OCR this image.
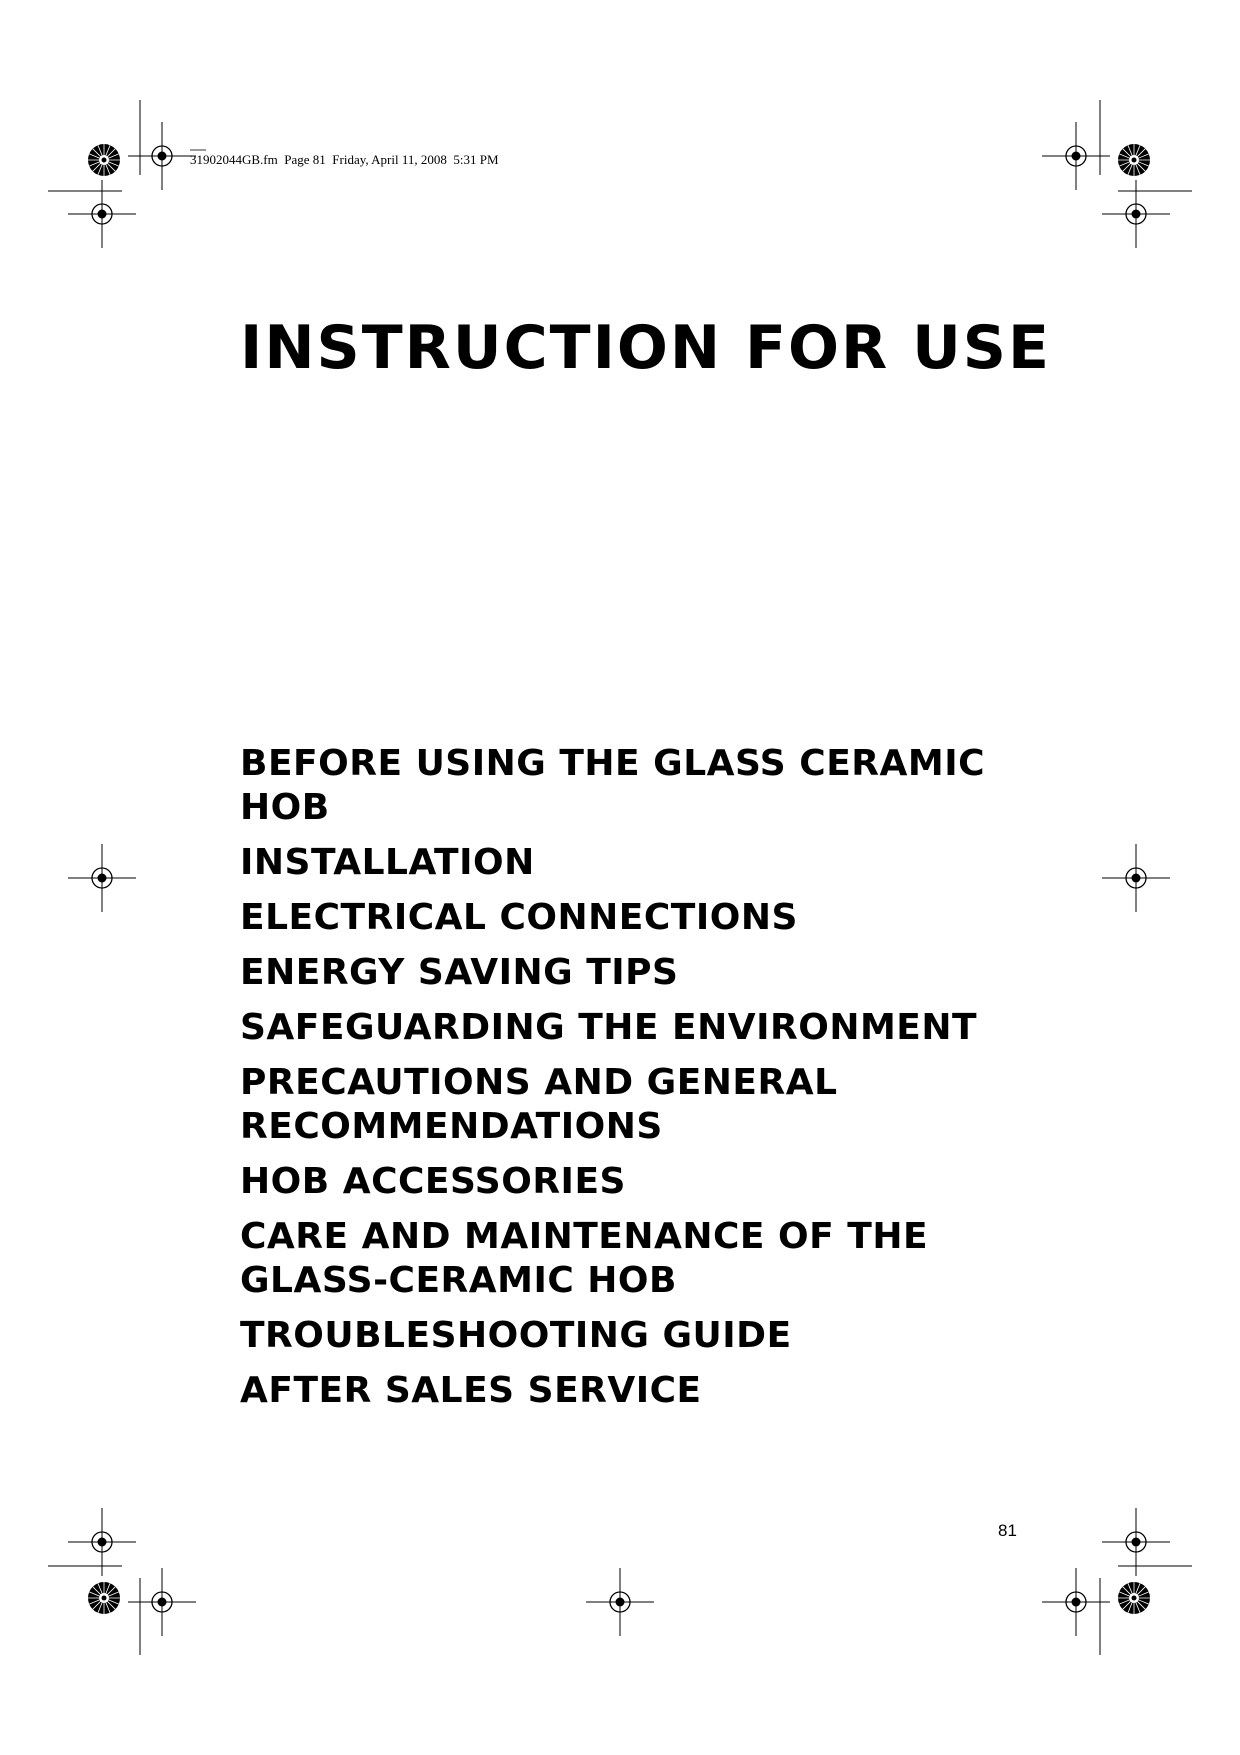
31902044GB.fm  Page 81  Friday, April 11, 2008  5:31 PM
INSTRUCTION FOR USE
BEFORE USING THE GLASS CERAMIC HOB
INSTALLATION
ELECTRICAL CONNECTIONS
ENERGY SAVING TIPS
SAFEGUARDING THE ENVIRONMENT
PRECAUTIONS AND GENERAL RECOMMENDATIONS
HOB ACCESSORIES
CARE AND MAINTENANCE OF THE GLASS-CERAMIC HOB
TROUBLESHOOTING GUIDE
AFTER SALES SERVICE
81
